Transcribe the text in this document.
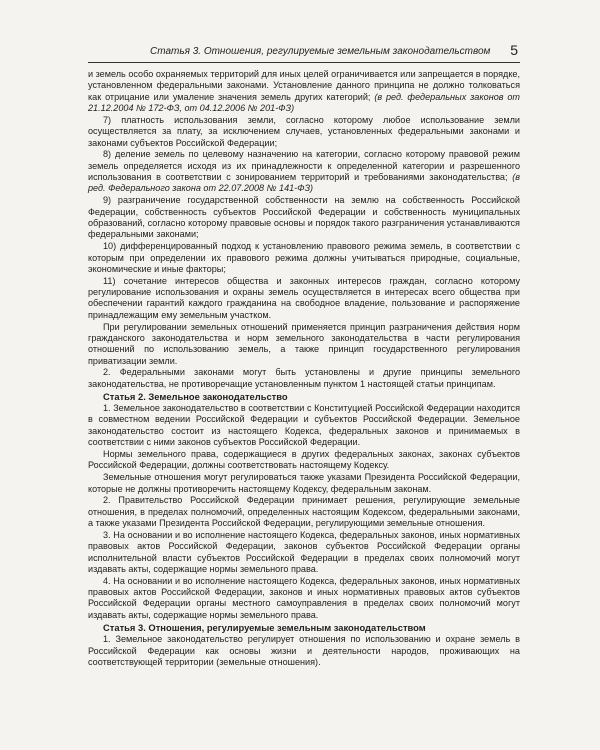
Статья 3. Отношения, регулируемые земельным законодательством 5

и земель особо охраняемых территорий для иных целей ограничивается или запрещается в порядке, установленном федеральными законами. Установление данного принципа не должно толковаться как отрицание или умаление значения земель других категорий; (в ред. федеральных законов от 21.12.2004 № 172-ФЗ, от 04.12.2006 № 201-ФЗ)

7) платность использования земли, согласно которому любое использование земли осуществляется за плату, за исключением случаев, установленных федеральными законами и законами субъектов Российской Федерации;

8) деление земель по целевому назначению на категории, согласно которому правовой режим земель определяется исходя из их принадлежности к определенной категории и разрешенного использования в соответствии с зонированием территорий и требованиями законодательства; (в ред. Федерального закона от 22.07.2008 № 141-ФЗ)

9) разграничение государственной собственности на землю на собственность Российской Федерации, собственность субъектов Российской Федерации и собственность муниципальных образований, согласно которому правовые основы и порядок такого разграничения устанавливаются федеральными законами;

10) дифференцированный подход к установлению правового режима земель, в соответствии с которым при определении их правового режима должны учитываться природные, социальные, экономические и иные факторы;

11) сочетание интересов общества и законных интересов граждан, согласно которому регулирование использования и охраны земель осуществляется в интересах всего общества при обеспечении гарантий каждого гражданина на свободное владение, пользование и распоряжение принадлежащим ему земельным участком.

При регулировании земельных отношений применяется принцип разграничения действия норм гражданского законодательства и норм земельного законодательства в части регулирования отношений по использованию земель, а также принцип государственного регулирования приватизации земли.

2. Федеральными законами могут быть установлены и другие принципы земельного законодательства, не противоречащие установленным пунктом 1 настоящей статьи принципам.

Статья 2. Земельное законодательство

1. Земельное законодательство в соответствии с Конституцией Российской Федерации находится в совместном ведении Российской Федерации и субъектов Российской Федерации. Земельное законодательство состоит из настоящего Кодекса, федеральных законов и принимаемых в соответствии с ними законов субъектов Российской Федерации.

Нормы земельного права, содержащиеся в других федеральных законах, законах субъектов Российской Федерации, должны соответствовать настоящему Кодексу.

Земельные отношения могут регулироваться также указами Президента Российской Федерации, которые не должны противоречить настоящему Кодексу, федеральным законам.

2. Правительство Российской Федерации принимает решения, регулирующие земельные отношения, в пределах полномочий, определенных настоящим Кодексом, федеральными законами, а также указами Президента Российской Федерации, регулирующими земельные отношения.

3. На основании и во исполнение настоящего Кодекса, федеральных законов, иных нормативных правовых актов Российской Федерации, законов субъектов Российской Федерации органы исполнительной власти субъектов Российской Федерации в пределах своих полномочий могут издавать акты, содержащие нормы земельного права.

4. На основании и во исполнение настоящего Кодекса, федеральных законов, иных нормативных правовых актов Российской Федерации, законов и иных нормативных правовых актов субъектов Российской Федерации органы местного самоуправления в пределах своих полномочий могут издавать акты, содержащие нормы земельного права.

Статья 3. Отношения, регулируемые земельным законодательством

1. Земельное законодательство регулирует отношения по использованию и охране земель в Российской Федерации как основы жизни и деятельности народов, проживающих на соответствующей территории (земельные отношения).
